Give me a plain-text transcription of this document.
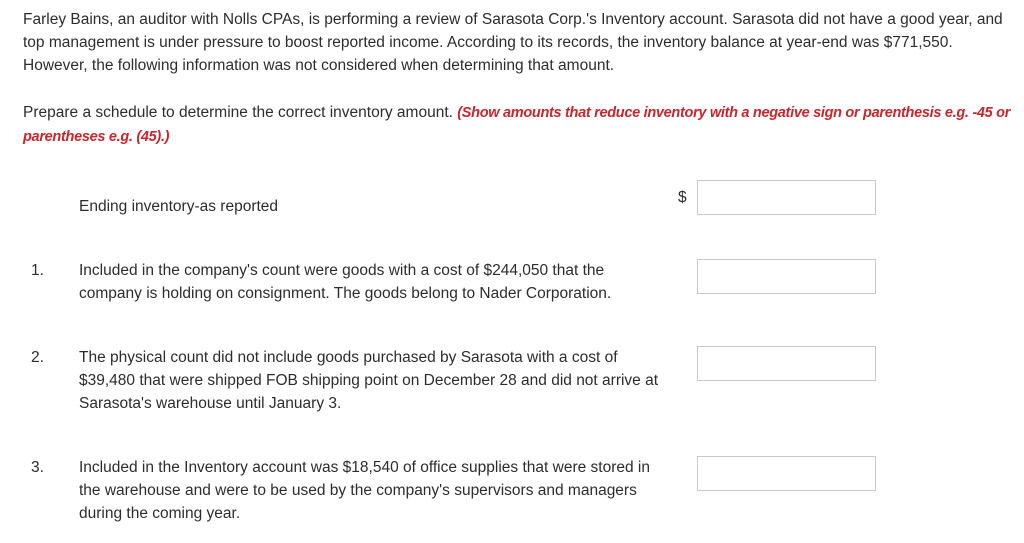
Farley Bains, an auditor with Nolls CPAs, is performing a review of Sarasota Corp.'s Inventory account. Sarasota did not have a good year, and top management is under pressure to boost reported income. According to its records, the inventory balance at year-end was $771,550. However, the following information was not considered when determining that amount.

Prepare a schedule to determine the correct inventory amount. (Show amounts that reduce inventory with a negative sign or parenthesis e.g. -45 or parentheses e.g. (45).)

Ending inventory-as reported
$
1. Included in the company's count were goods with a cost of $244,050 that the company is holding on consignment. The goods belong to Nader Corporation.
2. The physical count did not include goods purchased by Sarasota with a cost of $39,480 that were shipped FOB shipping point on December 28 and did not arrive at Sarasota's warehouse until January 3.
3. Included in the Inventory account was $18,540 of office supplies that were stored in the warehouse and were to be used by the company's supervisors and managers during the coming year.
